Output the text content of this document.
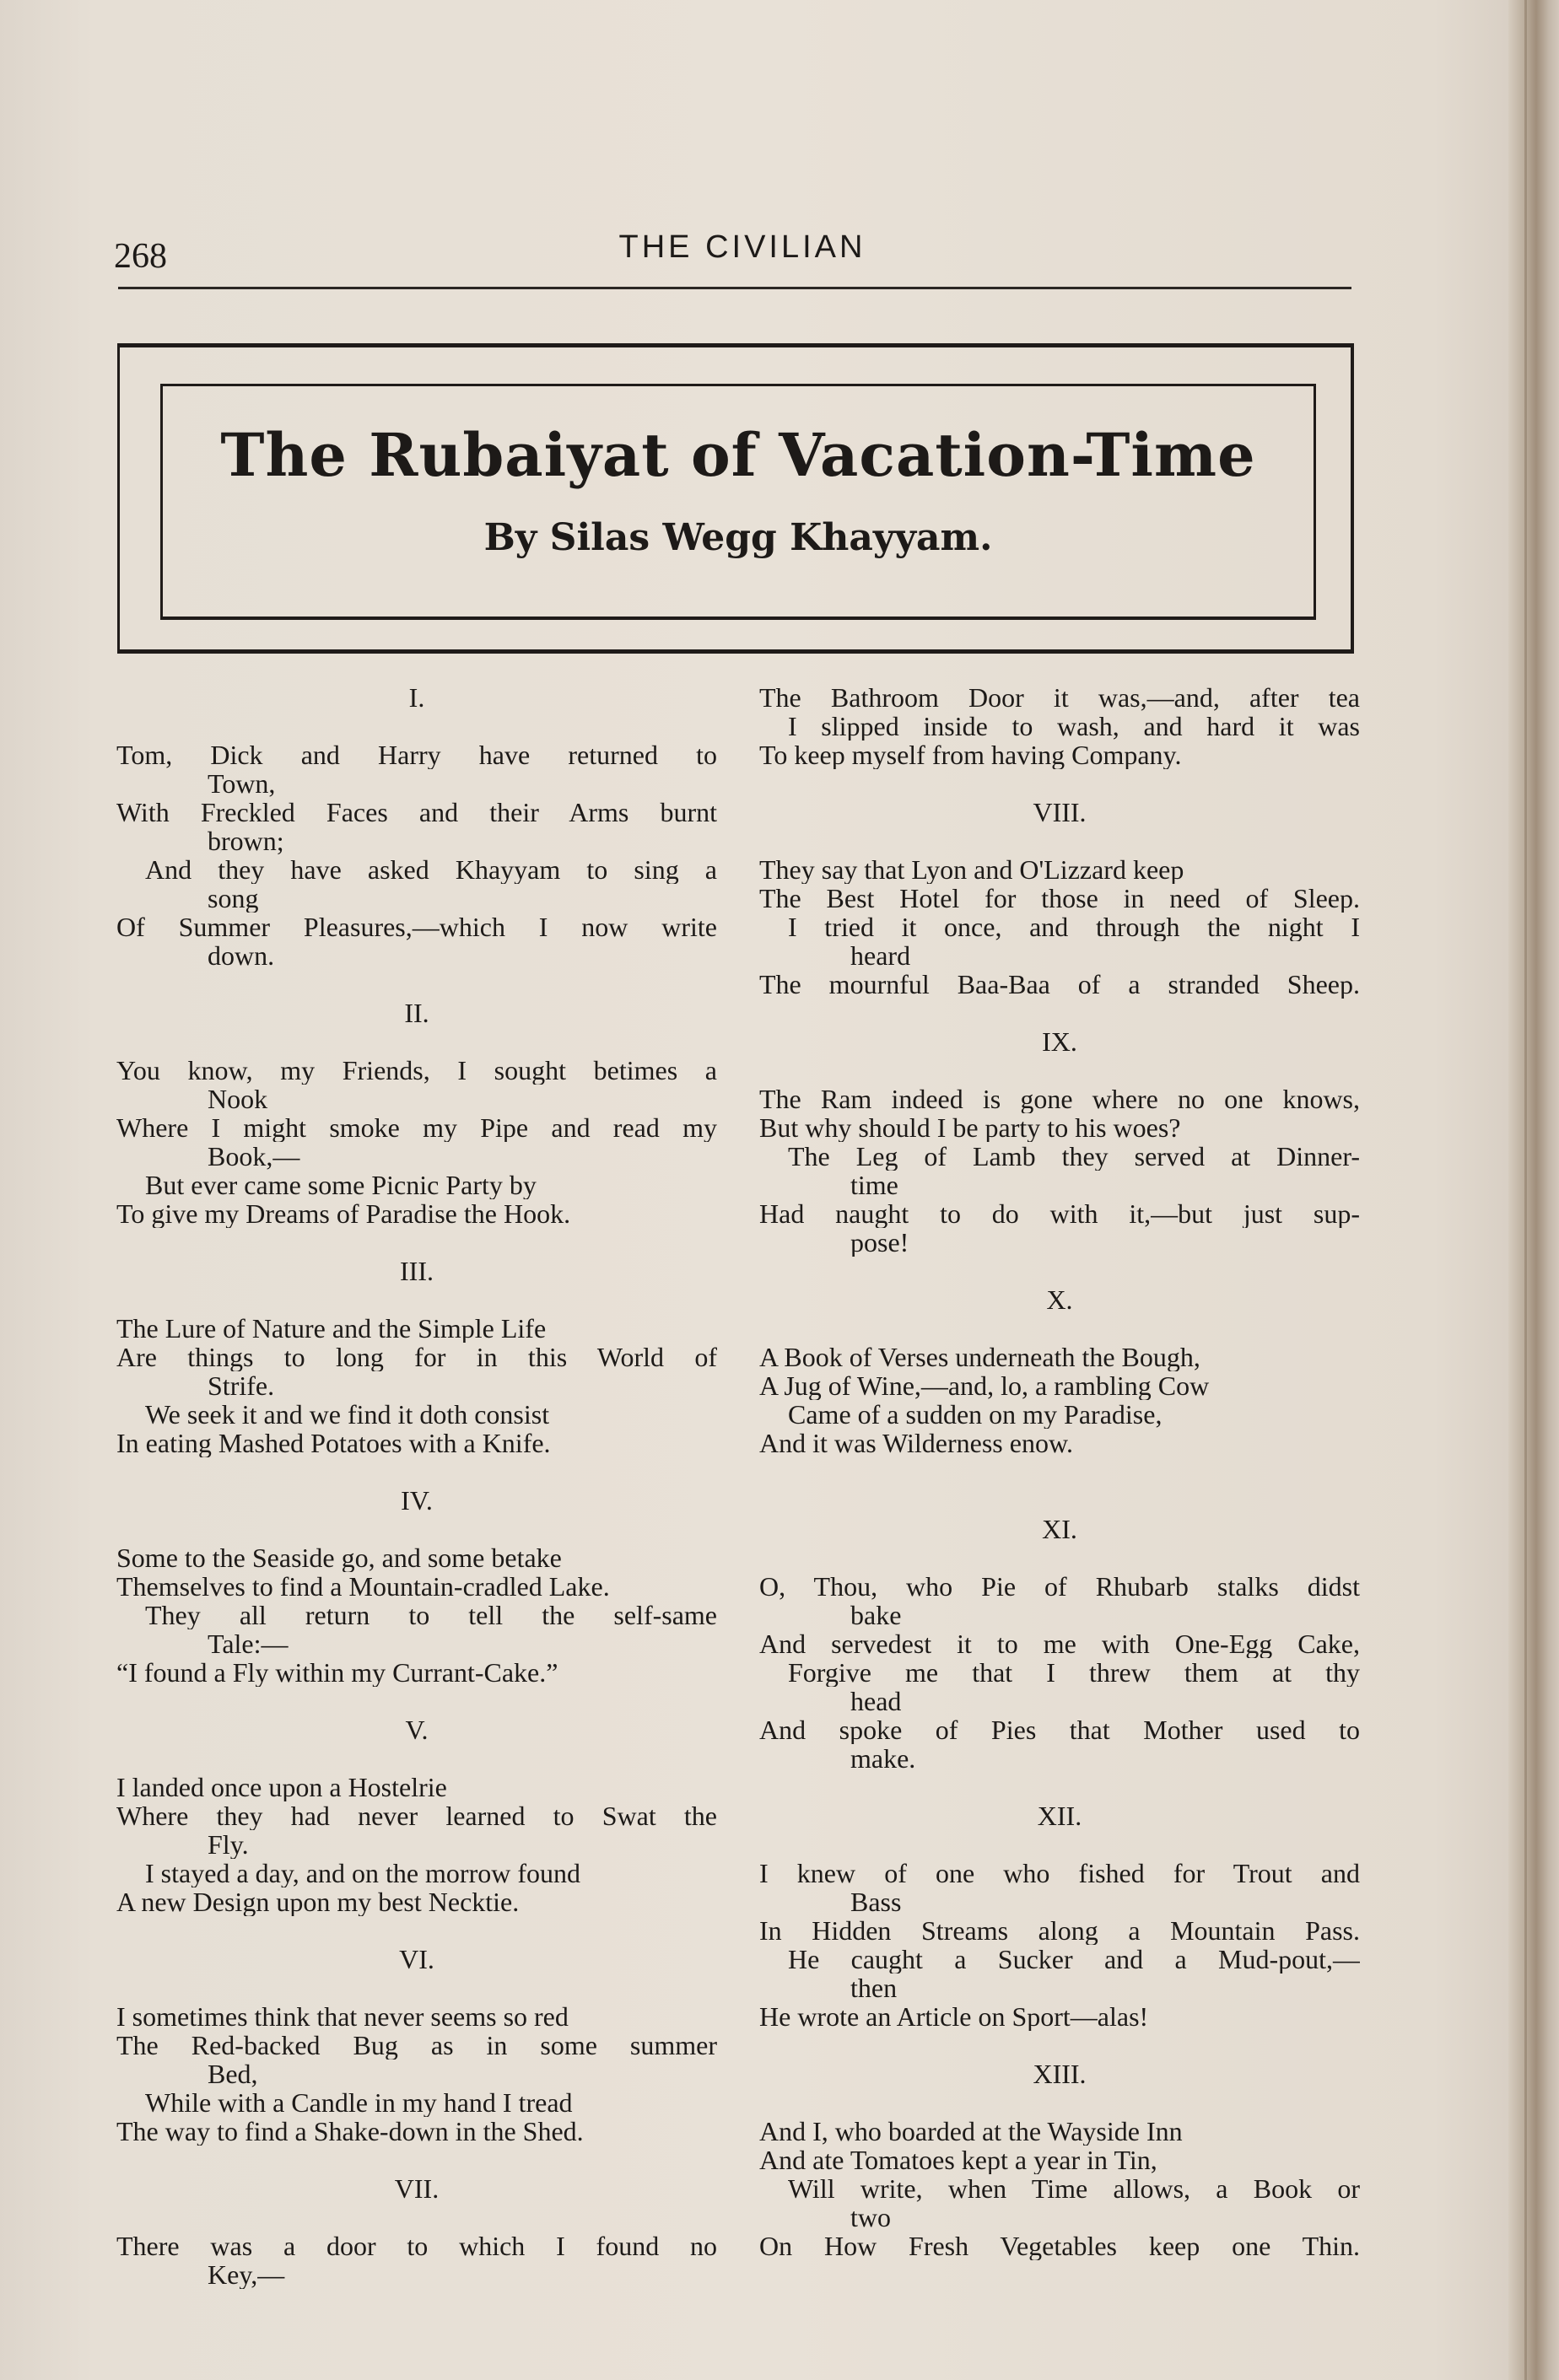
268	THE CIVILIAN
The Rubaiyat of Vacation-Time
By Silas Wegg Khayyam.

I.

Tom, Dick and Harry have returned to

Town,

With Freckled Faces and their Arms burnt

brown;

And they have asked Khayyam to sing a

song

Of Summer Pleasures,—which I now write

down.

II.

You know, my Friends, I sought betimes a

Nook

Where I might smoke my Pipe and read my

Book,—

But ever came some Picnic Party by

To give my Dreams of Paradise the Hook.

III.

The Lure of Nature and the Simple Life

Are things to long for in this World of

Strife.

We seek it and we find it doth consist

In eating Mashed Potatoes with a Knife.

IV.

Some to the Seaside go, and some betake

Themselves to find a Mountain-cradled Lake.

They all return to tell the self-same

Tale:—

“I found a Fly within my Currant-Cake.”

V.

I landed once upon a Hostelrie

Where they had never learned to Swat the

Fly.

I stayed a day, and on the morrow found

A new Design upon my best Necktie.

VI.

I sometimes think that never seems so red

The Red-backed Bug as in some summer

Bed,

While with a Candle in my hand I tread

The way to find a Shake-down in the Shed.

VII.

There was a door to which I found no

Key,—

The Bathroom Door it was,—and, after tea

I slipped inside to wash, and hard it was

To keep myself from having Company.

VIII.

They say that Lyon and O'Lizzard keep

The Best Hotel for those in need of Sleep.

I tried it once, and through the night I

heard

The mournful Baa-Baa of a stranded Sheep.

IX.

The Ram indeed is gone where no one knows,

But why should I be party to his woes?

The Leg of Lamb they served at Dinner-

time

Had naught to do with it,—but just sup-

pose!

X.

A Book of Verses underneath the Bough,

A Jug of Wine,—and, lo, a rambling Cow

Came of a sudden on my Paradise,

And it was Wilderness enow.

XI.

O, Thou, who Pie of Rhubarb stalks didst

bake

And servedest it to me with One-Egg Cake,

Forgive me that I threw them at thy

head

And spoke of Pies that Mother used to

make.

XII.

I knew of one who fished for Trout and

Bass

In Hidden Streams along a Mountain Pass.

He caught a Sucker and a Mud-pout,—

then

He wrote an Article on Sport—alas!

XIII.

And I, who boarded at the Wayside Inn

And ate Tomatoes kept a year in Tin,

Will write, when Time allows, a Book or

two

On How Fresh Vegetables keep one Thin.
